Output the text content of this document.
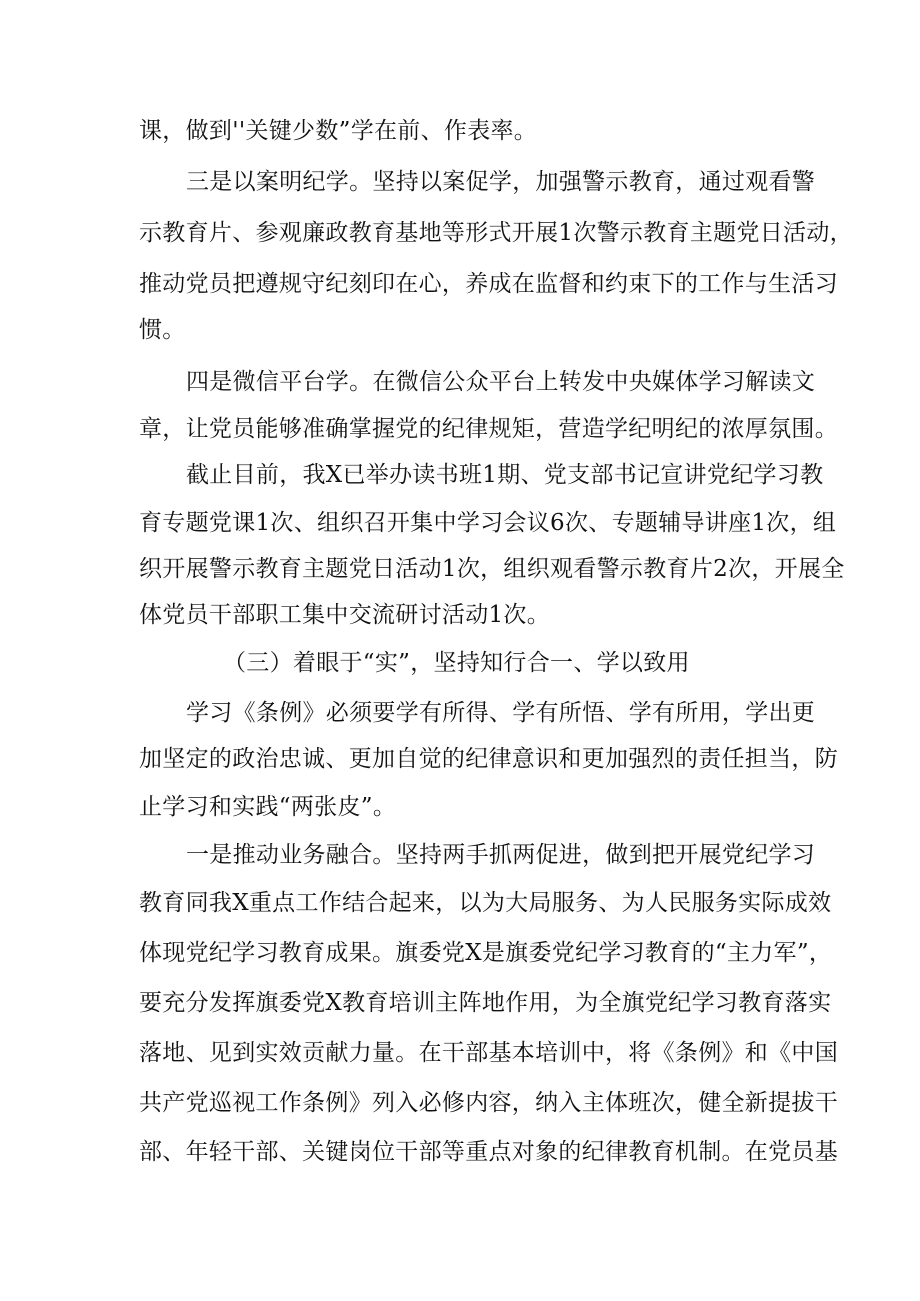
课，做到''关键少数”学在前、作表率。
三是以案明纪学。坚持以案促学，加强警示教育，通过观看警
示教育片、参观廉政教育基地等形式开展1次警示教育主题党日活动，
推动党员把遵规守纪刻印在心，养成在监督和约束下的工作与生活习
惯。
四是微信平台学。在微信公众平台上转发中央媒体学习解读文
章，让党员能够准确掌握党的纪律规矩，营造学纪明纪的浓厚氛围。
截止目前，我X已举办读书班1期、党支部书记宣讲党纪学习教
育专题党课1次、组织召开集中学习会议6次、专题辅导讲座1次，组
织开展警示教育主题党日活动1次，组织观看警示教育片2次，开展全
体党员干部职工集中交流研讨活动1次。
（三）着眼于“实”，坚持知行合一、学以致用
学习《条例》必须要学有所得、学有所悟、学有所用，学出更
加坚定的政治忠诚、更加自觉的纪律意识和更加强烈的责任担当，防
止学习和实践“两张皮”。
一是推动业务融合。坚持两手抓两促进，做到把开展党纪学习
教育同我X重点工作结合起来，以为大局服务、为人民服务实际成效
体现党纪学习教育成果。旗委党X是旗委党纪学习教育的“主力军”，
要充分发挥旗委党X教育培训主阵地作用，为全旗党纪学习教育落实
落地、见到实效贡献力量。在干部基本培训中，将《条例》和《中国
共产党巡视工作条例》列入必修内容，纳入主体班次，健全新提拔干
部、年轻干部、关键岗位干部等重点对象的纪律教育机制。在党员基
